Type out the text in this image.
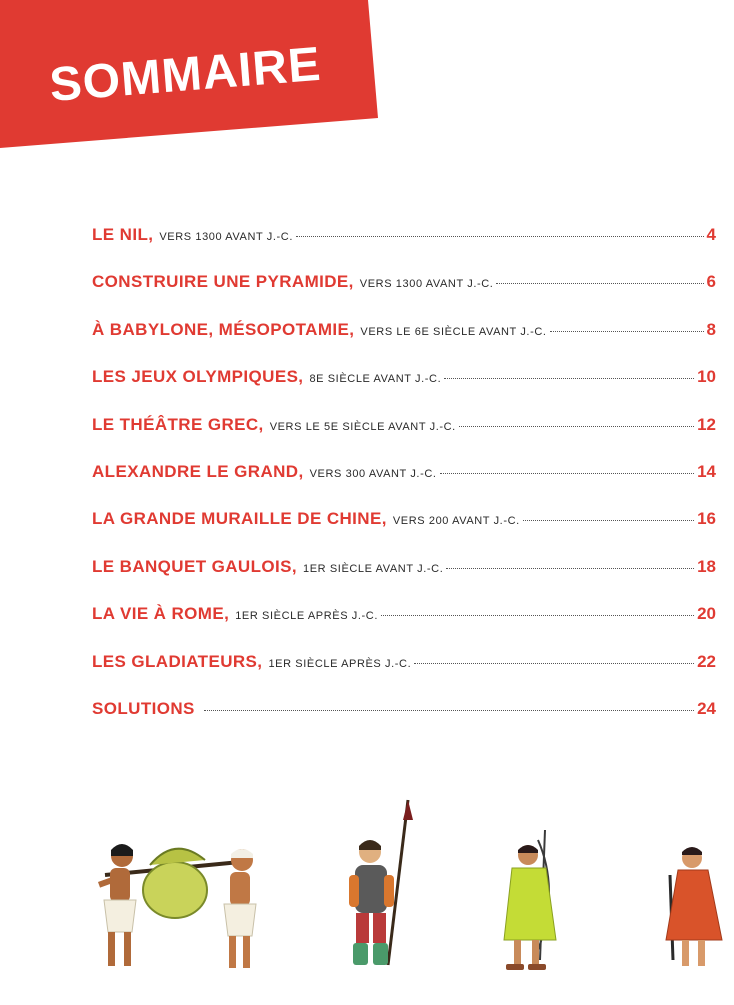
SOMMAIRE
LE NIL, VERS 1300 AVANT J.-C.	4
CONSTRUIRE UNE PYRAMIDE, VERS 1300 AVANT J.-C.	6
À BABYLONE, MÉSOPOTAMIE, VERS LE 6E SIÈCLE AVANT J.-C.	8
LES JEUX OLYMPIQUES, 8E SIÈCLE AVANT J.-C.	10
LE THÉÂTRE GREC, VERS LE 5E SIÈCLE AVANT J.-C.	12
ALEXANDRE LE GRAND, VERS 300 AVANT J.-C.	14
LA GRANDE MURAILLE DE CHINE, VERS 200 AVANT J.-C.	16
LE BANQUET GAULOIS, 1ER SIÈCLE AVANT J.-C.	18
LA VIE À ROME, 1ER SIÈCLE APRÈS J.-C.	20
LES GLADIATEURS, 1ER SIÈCLE APRÈS J.-C.	22
SOLUTIONS	24
